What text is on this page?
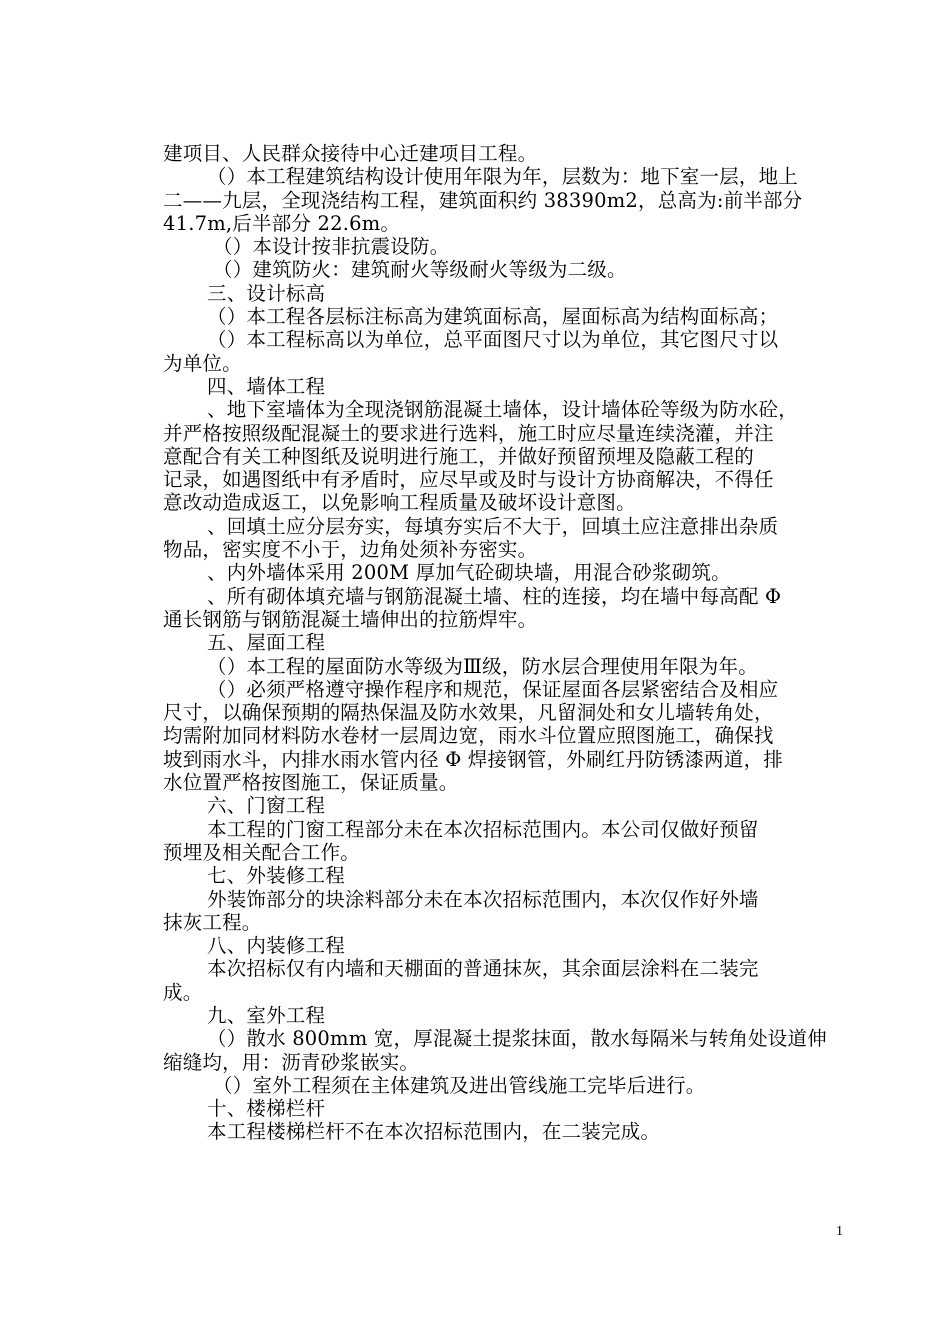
建项目、人民群众接待中心迁建项目工程。
（）本工程建筑结构设计使用年限为年，层数为：地下室一层，地上
二——九层，全现浇结构工程，建筑面积约 38390m2，总高为:前半部分
41.7m,后半部分 22.6m。
（）本设计按非抗震设防。
（）建筑防火：建筑耐火等级耐火等级为二级。
三、设计标高
（）本工程各层标注标高为建筑面标高，屋面标高为结构面标高；
（）本工程标高以为单位，总平面图尺寸以为单位，其它图尺寸以
为单位。
四、墙体工程
、地下室墙体为全现浇钢筋混凝土墙体，设计墙体砼等级为防水砼，
并严格按照级配混凝土的要求进行选料，施工时应尽量连续浇灌，并注
意配合有关工种图纸及说明进行施工，并做好预留预埋及隐蔽工程的
记录，如遇图纸中有矛盾时，应尽早或及时与设计方协商解决，不得任
意改动造成返工，以免影响工程质量及破坏设计意图。
、回填土应分层夯实，每填夯实后不大于，回填土应注意排出杂质
物品，密实度不小于，边角处须补夯密实。
、内外墙体采用 200M 厚加气砼砌块墙，用混合砂浆砌筑。
、所有砌体填充墙与钢筋混凝土墙、柱的连接，均在墙中每高配 Φ
通长钢筋与钢筋混凝土墙伸出的拉筋焊牢。
五、屋面工程
（）本工程的屋面防水等级为Ⅲ级，防水层合理使用年限为年。
（）必须严格遵守操作程序和规范，保证屋面各层紧密结合及相应
尺寸，以确保预期的隔热保温及防水效果，凡留洞处和女儿墙转角处，
均需附加同材料防水卷材一层周边宽，雨水斗位置应照图施工，确保找
坡到雨水斗，内排水雨水管内径 Φ 焊接钢管，外刷红丹防锈漆两道，排
水位置严格按图施工，保证质量。
六、门窗工程
本工程的门窗工程部分未在本次招标范围内。本公司仅做好预留
预埋及相关配合工作。
七、外装修工程
外装饰部分的块涂料部分未在本次招标范围内，本次仅作好外墙
抹灰工程。
八、内装修工程
本次招标仅有内墙和天棚面的普通抹灰，其余面层涂料在二装完
成。
九、室外工程
（）散水 800mm 宽，厚混凝土提浆抹面，散水每隔米与转角处设道伸
缩缝均，用：沥青砂浆嵌实。
（）室外工程须在主体建筑及进出管线施工完毕后进行。
十、楼梯栏杆
本工程楼梯栏杆不在本次招标范围内，在二装完成。
1
